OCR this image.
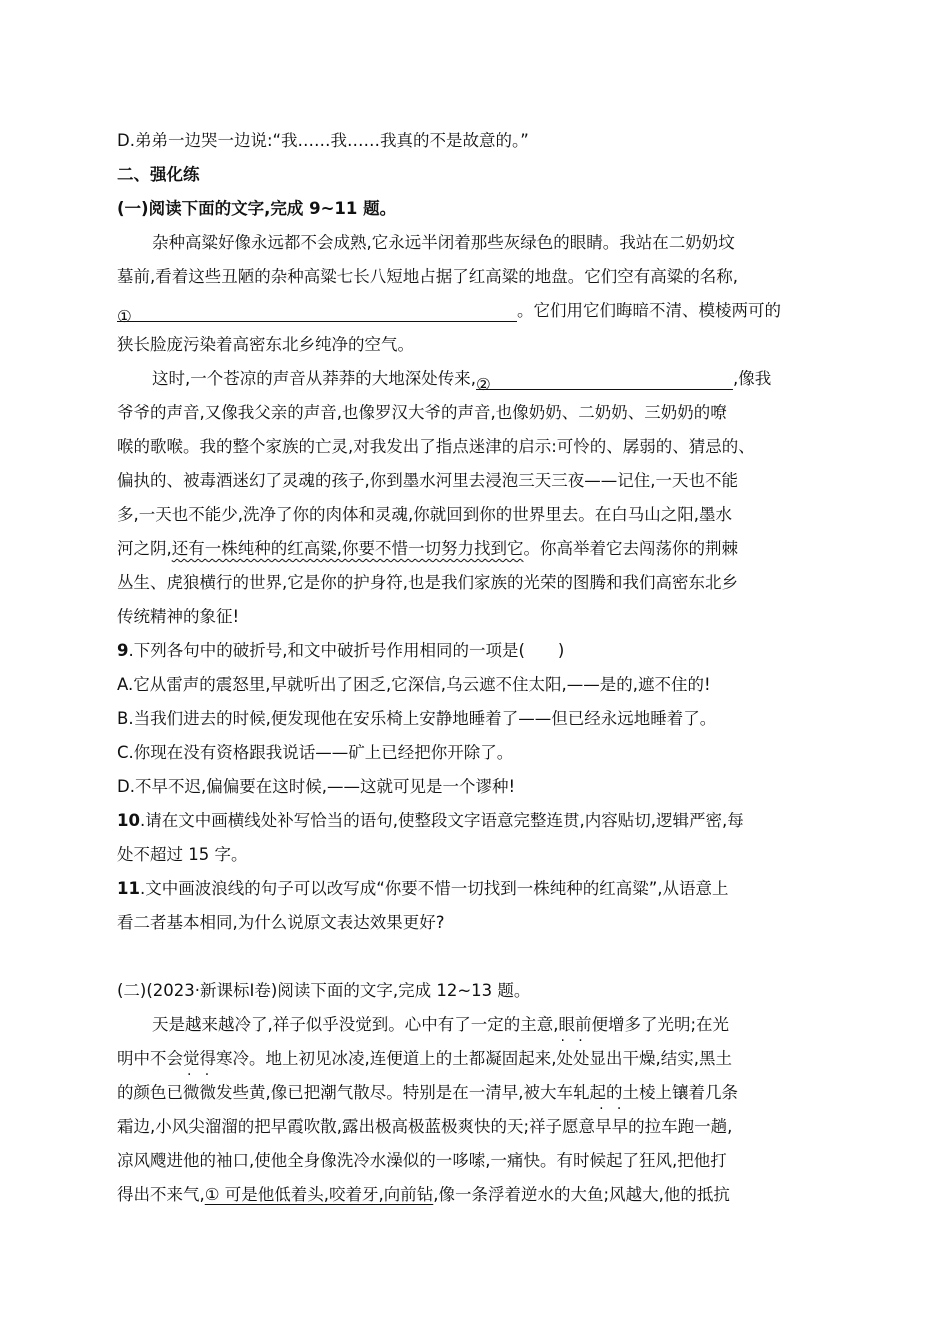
D.弟弟一边哭一边说:“我……我……我真的不是故意的。”
二、强化练
(一)阅读下面的文字,完成 9~11 题。
杂种高粱好像永远都不会成熟,它永远半闭着那些灰绿色的眼睛。我站在二奶奶坟
墓前,看着这些丑陋的杂种高粱七长八短地占据了红高粱的地盘。它们空有高粱的名称,
①	。它们用它们晦暗不清、模棱两可的
狭长脸庞污染着高密东北乡纯净的空气。
这时,一个苍凉的声音从莽莽的大地深处传来,②	,像我
爷爷的声音,又像我父亲的声音,也像罗汉大爷的声音,也像奶奶、二奶奶、三奶奶的嘹
喉的歌喉。我的整个家族的亡灵,对我发出了指点迷津的启示:可怜的、孱弱的、猜忌的、
偏执的、被毒酒迷幻了灵魂的孩子,你到墨水河里去浸泡三天三夜——记住,一天也不能
多,一天也不能少,洗净了你的肉体和灵魂,你就回到你的世界里去。在白马山之阳,墨水
河之阴,还有一株纯种的红高粱,你要不惜一切努力找到它。你高举着它去闯荡你的荆棘
丛生、虎狼横行的世界,它是你的护身符,也是我们家族的光荣的图腾和我们高密东北乡
传统精神的象征!
9.下列各句中的破折号,和文中破折号作用相同的一项是(　　)
A.它从雷声的震怒里,早就听出了困乏,它深信,乌云遮不住太阳,——是的,遮不住的!
B.当我们进去的时候,便发现他在安乐椅上安静地睡着了——但已经永远地睡着了。
C.你现在没有资格跟我说话——矿上已经把你开除了。
D.不早不迟,偏偏要在这时候,——这就可见是一个谬种!
10.请在文中画横线处补写恰当的语句,使整段文字语意完整连贯,内容贴切,逻辑严密,每
处不超过 15 字。
11.文中画波浪线的句子可以改写成“你要不惜一切找到一株纯种的红高粱”,从语意上
看二者基本相同,为什么说原文表达效果更好?
(二)(2023·新课标Ⅰ卷)阅读下面的文字,完成 12~13 题。
天是越来越冷了,祥子似乎没觉到。心中有了一定的主意,眼前便增多了光明;在光
明中不会觉得寒冷。地上初见冰凌,连便道上的土都凝固起来,· · 处处显出干燥,结实,黑土
的颜色已· · 微微发些黄,像已把潮气散尽。特别是在一清早,被大车轧起的土棱上镶着几条
霜边,小风尖溜溜的把早霞吹散,露出极高极蓝极爽快的天;祥子愿意· · 早早的拉车跑一趟,
凉风飕进他的袖口,使他全身像洗冷水澡似的一哆嗦,一痛快。有时候起了狂风,把他打
得出不来气,① 可是他低着头,咬着牙,向前钻,像一条浮着逆水的大鱼;风越大,他的抵抗
